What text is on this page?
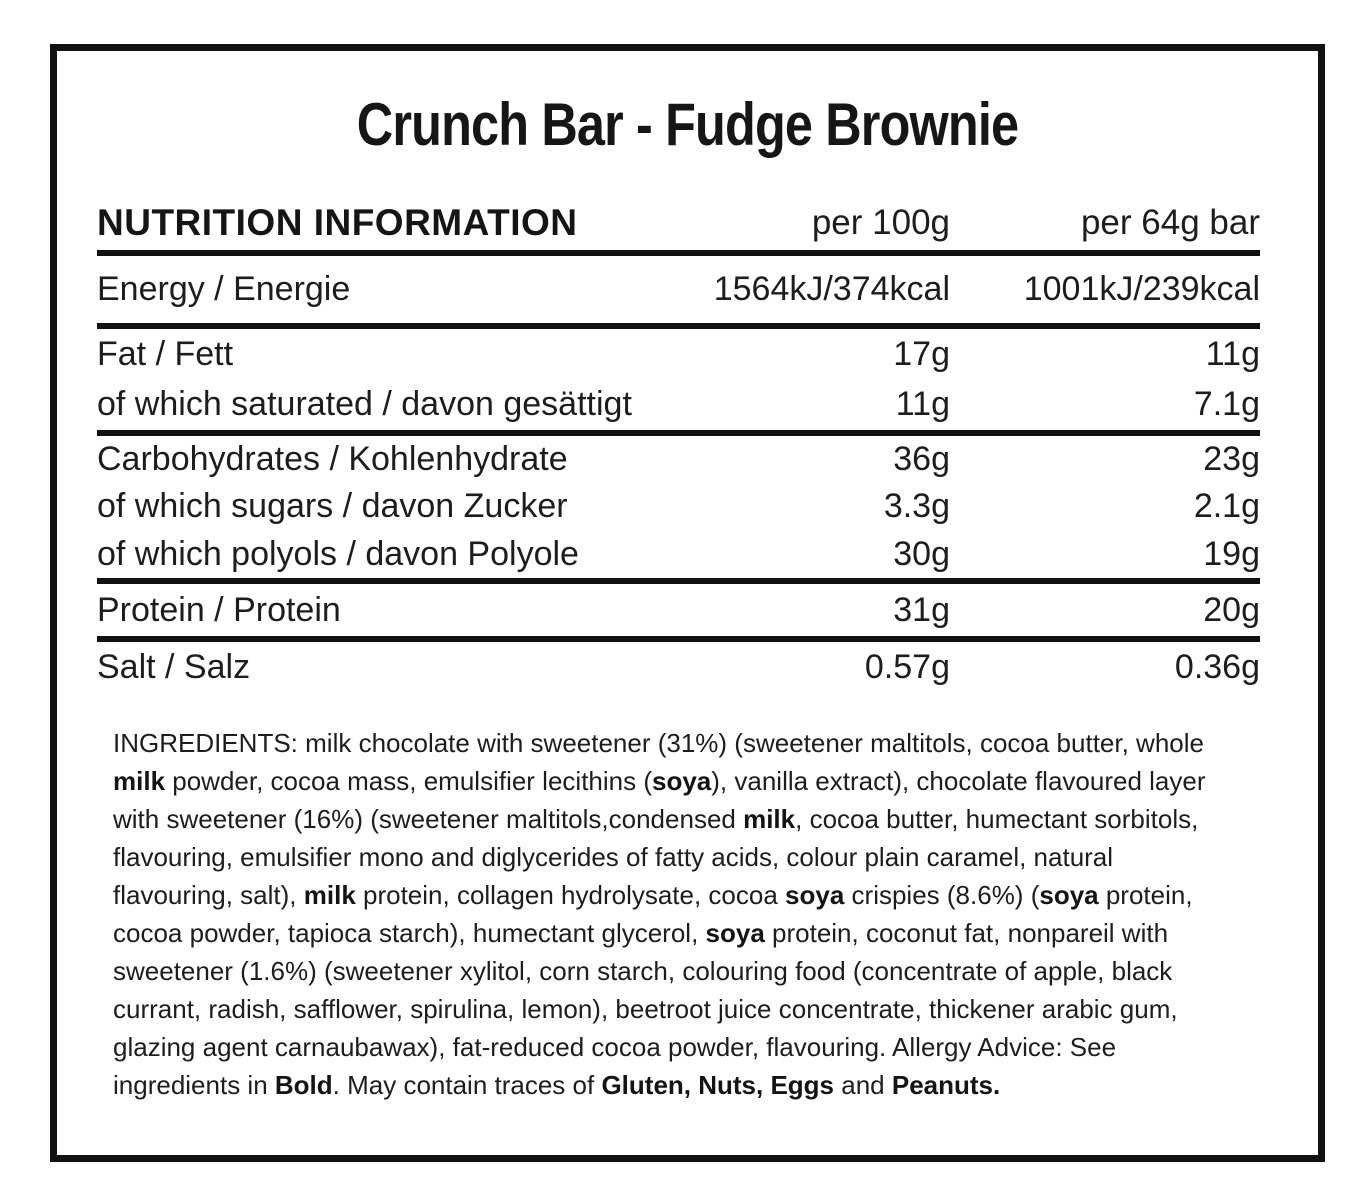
Crunch Bar - Fudge Brownie
NUTRITION INFORMATION	per 100g	per 64g bar
Energy / Energie	1564kJ/374kcal 1001kJ/239kcal
Fat / Fett	17g	11g
of which saturated / davon gesättigt	11g	7.1g
Carbohydrates / Kohlenhydrate	36g	23g
of which sugars / davon Zucker	3.3g	2.1g
of which polyols / davon Polyole	30g	19g
Protein / Protein	31g	20g
Salt / Salz	0.57g	0.36g
INGREDIENTS: milk chocolate with sweetener (31%) (sweetener maltitols, cocoa butter, whole
milk powder, cocoa mass, emulsifier lecithins (soya), vanilla extract), chocolate flavoured layer
with sweetener (16%) (sweetener maltitols,condensed milk, cocoa butter, humectant sorbitols,
flavouring, emulsifier mono and diglycerides of fatty acids, colour plain caramel, natural
flavouring, salt), milk protein, collagen hydrolysate, cocoa soya crispies (8.6%) (soya protein,
cocoa powder, tapioca starch), humectant glycerol, soya protein, coconut fat, nonpareil with
sweetener (1.6%) (sweetener xylitol, corn starch, colouring food (concentrate of apple, black
currant, radish, safflower, spirulina, lemon), beetroot juice concentrate, thickener arabic gum,
glazing agent carnaubawax), fat-reduced cocoa powder, flavouring. Allergy Advice: See
ingredients in Bold. May contain traces of Gluten, Nuts, Eggs and Peanuts.
